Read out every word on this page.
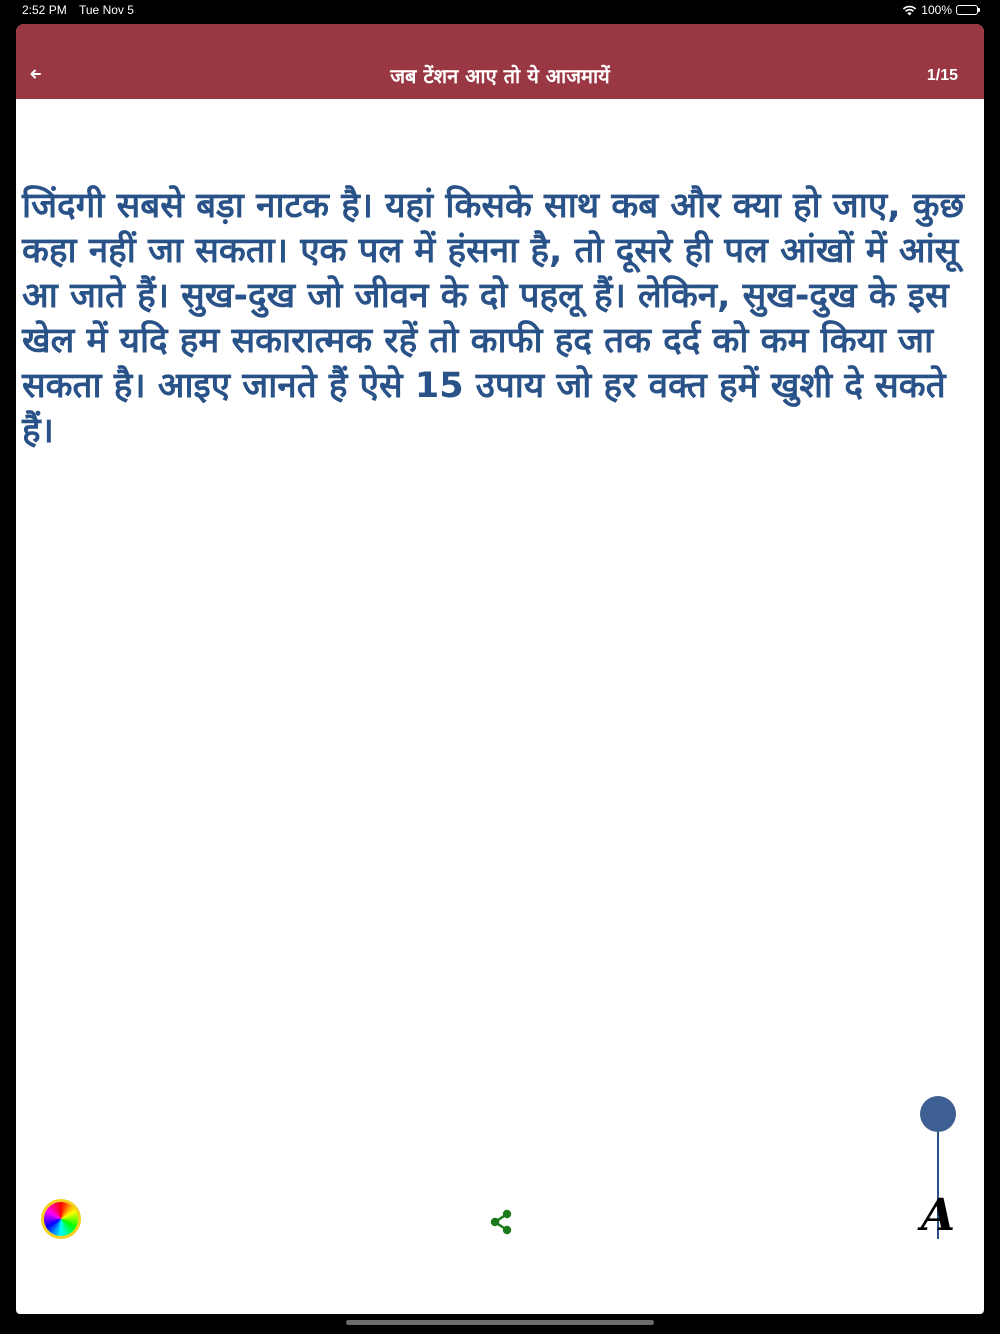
2:52 PM Tue Nov 5	100%
जब टेंशन आए तो ये आजमायें	1/15

जिंदगी सबसे बड़ा नाटक है। यहां किसके साथ कब और क्या हो जाए, कुछ कहा नहीं जा सकता। एक पल में हंसना है, तो दूसरे ही पल आंखों में आंसू आ जाते हैं। सुख-दुख जो जीवन के दो पहलू हैं। लेकिन, सुख-दुख के इस खेल में यदि हम सकारात्मक रहें तो काफी हद तक दर्द को कम किया जा सकता है। आइए जानते हैं ऐसे 15 उपाय जो हर वक्त हमें खुशी दे सकते हैं।

A
